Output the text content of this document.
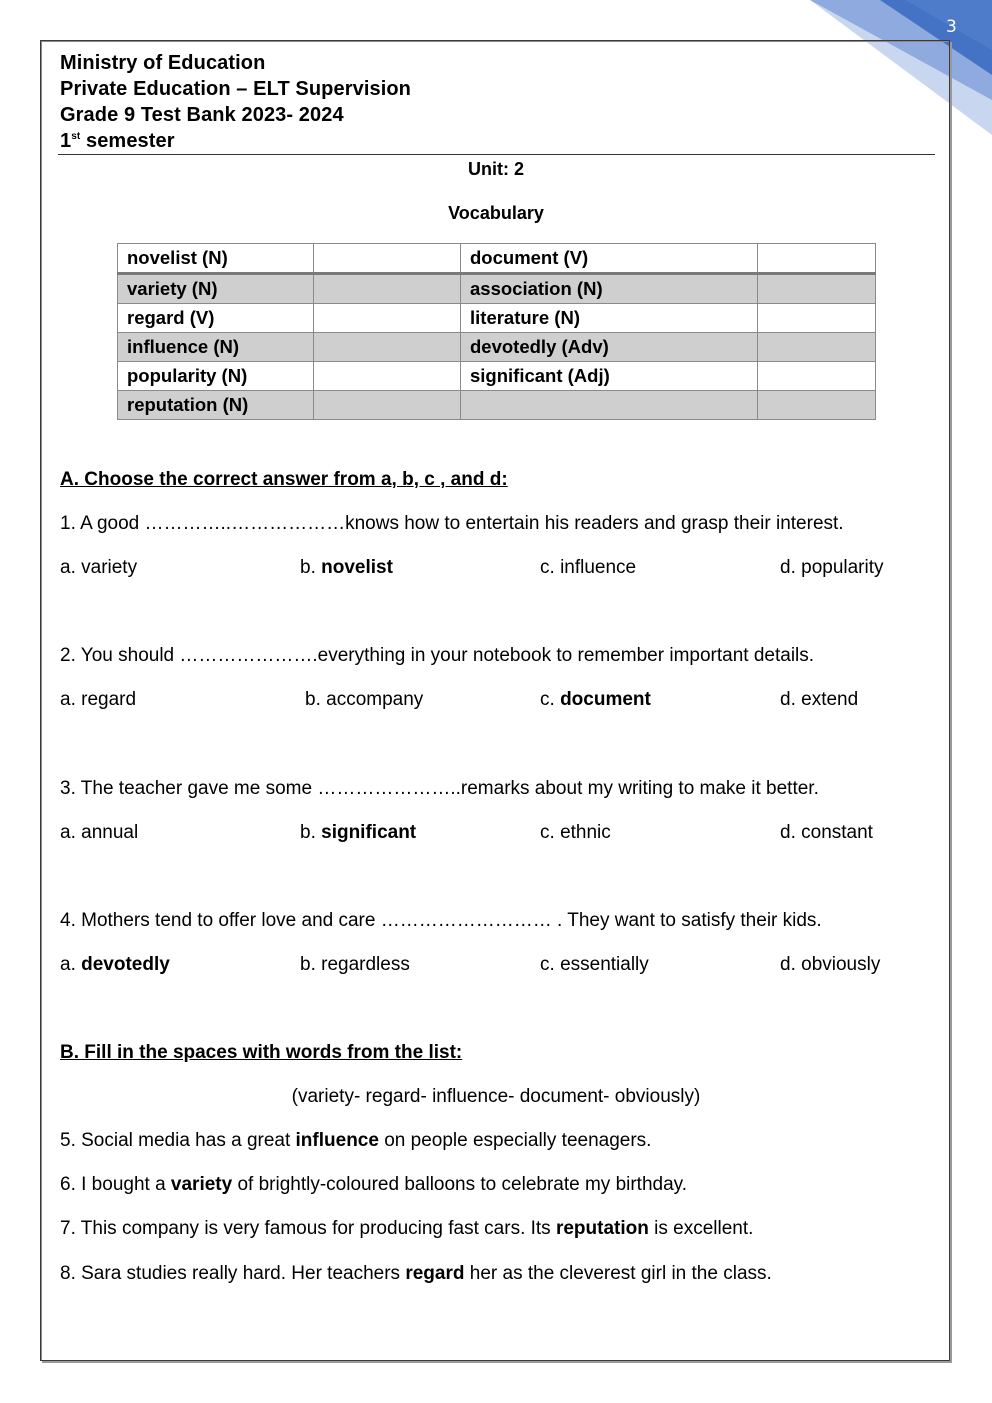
3
Ministry of Education
Private Education – ELT Supervision
Grade 9 Test Bank 2023- 2024
1st semester
Unit: 2
Vocabulary
novelist (N)		document (V)	
variety (N)		association (N)	
regard (V)		literature (N)	
influence (N)		devotedly (Adv)	
popularity (N)		significant (Adj)	
reputation (N)			
A. Choose the correct answer from a, b, c , and d:
1. A good …………..………………knows how to entertain his readers and grasp their interest.
a. variety	b. novelist	c. influence	d. popularity
2. You should ………………….everything in your notebook to remember important details.
a. regard	b. accompany	c. document	d. extend
3. The teacher gave me some …………………..remarks about my writing to make it better.
a. annual	b. significant	c. ethnic	d. constant
4. Mothers tend to offer love and care ……………………… . They want to satisfy their kids.
a. devotedly	b. regardless	c. essentially	d. obviously
B. Fill in the spaces with words from the list:
(variety- regard- influence- document- obviously)
5. Social media has a great influence on people especially teenagers.
6. I bought a variety of brightly-coloured balloons to celebrate my birthday.
7. This company is very famous for producing fast cars. Its reputation is excellent.
8. Sara studies really hard. Her teachers regard her as the cleverest girl in the class.
